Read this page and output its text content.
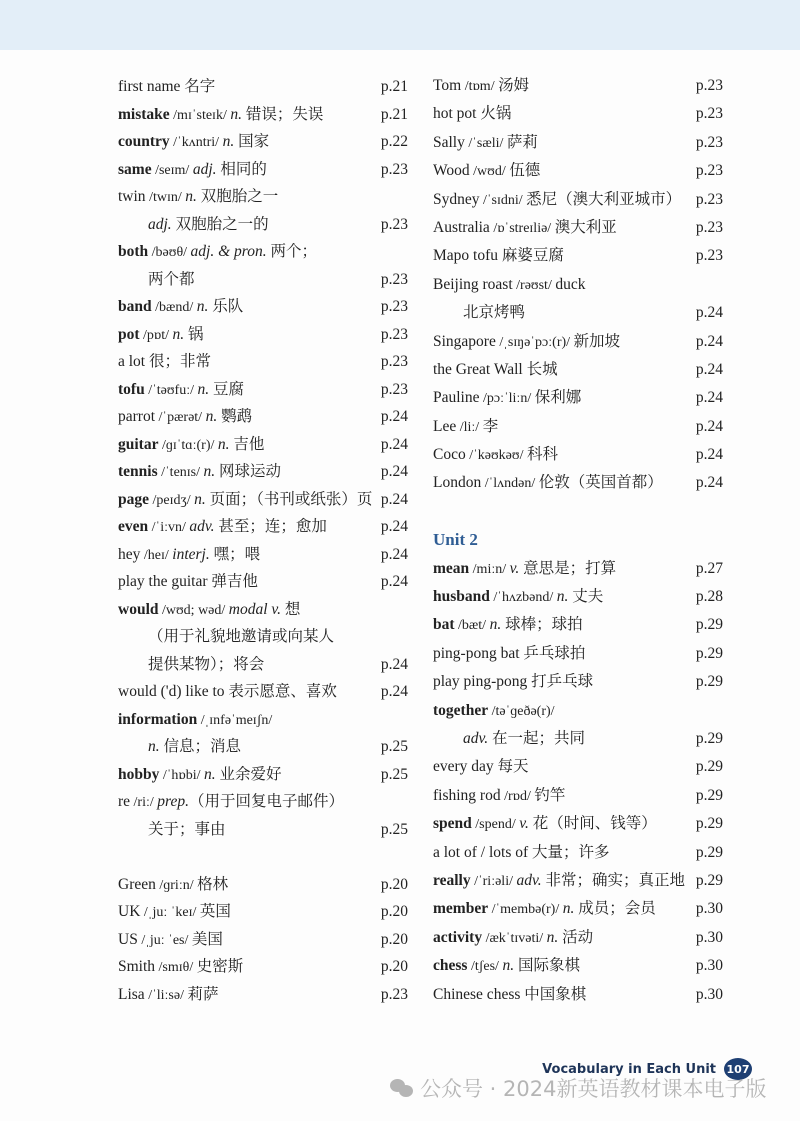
first name 名字	p.21
mistake /mɪˈsteɪk/ n. 错误；失误	p.21
country /ˈkʌntri/ n. 国家	p.22
same /seɪm/ adj. 相同的	p.23
twin /twɪn/ n. 双胞胎之一
adj. 双胞胎之一的	p.23
both /bəʊθ/ adj. & pron. 两个；
两个都	p.23
band /bænd/ n. 乐队	p.23
pot /pɒt/ n. 锅	p.23
a lot 很；非常	p.23
tofu /ˈtəʊfuː/ n. 豆腐	p.23
parrot /ˈpærət/ n. 鹦鹉	p.24
guitar /ɡɪˈtɑː(r)/ n. 吉他	p.24
tennis /ˈtenɪs/ n. 网球运动	p.24
page /peɪdʒ/ n. 页面；（书刊或纸张）页 p.24
even /ˈiːvn/ adv. 甚至；连；愈加	p.24
hey /heɪ/ interj. 嘿；喂	p.24
play the guitar 弹吉他	p.24
would /wʊd; wəd/ modal v. 想
（用于礼貌地邀请或向某人
提供某物）；将会	p.24
would ('d) like to 表示愿意、喜欢	p.24
information /ˌɪnfəˈmeɪʃn/
n. 信息；消息	p.25
hobby /ˈhɒbi/ n. 业余爱好	p.25
re /riː/ prep.（用于回复电子邮件）
关于；事由	p.25
Green /ɡriːn/ 格林	p.20
UK /ˌjuː ˈkeɪ/ 英国	p.20
US /ˌjuː ˈes/ 美国	p.20
Smith /smɪθ/ 史密斯	p.20
Lisa /ˈliːsə/ 莉萨	p.23
Tom /tɒm/ 汤姆	p.23
hot pot 火锅	p.23
Sally /ˈsæli/ 萨莉	p.23
Wood /wʊd/ 伍德	p.23
Sydney /ˈsɪdni/ 悉尼（澳大利亚城市） p.23
Australia /ɒˈstreɪliə/ 澳大利亚	p.23
Mapo tofu 麻婆豆腐	p.23
Beijing roast /rəʊst/ duck
北京烤鸭	p.24
Singapore /ˌsɪŋəˈpɔː(r)/ 新加坡	p.24
the Great Wall 长城	p.24
Pauline /pɔːˈliːn/ 保利娜	p.24
Lee /liː/ 李	p.24
Coco /ˈkəʊkəʊ/ 科科	p.24
London /ˈlʌndən/ 伦敦（英国首都） p.24
Unit 2
mean /miːn/ v. 意思是；打算	p.27
husband /ˈhʌzbənd/ n. 丈夫	p.28
bat /bæt/ n. 球棒；球拍	p.29
ping-pong bat 乒乓球拍	p.29
play ping-pong 打乒乓球	p.29
together /təˈɡeðə(r)/
adv. 在一起；共同	p.29
every day 每天	p.29
fishing rod /rɒd/ 钓竿	p.29
spend /spend/ v. 花（时间、钱等）	p.29
a lot of / lots of 大量；许多	p.29
really /ˈriːəli/ adv. 非常；确实；真正地 p.29
member /ˈmembə(r)/ n. 成员；会员	p.30
activity /ækˈtɪvəti/ n. 活动	p.30
chess /tʃes/ n. 国际象棋	p.30
Chinese chess 中国象棋	p.30
Vocabulary in Each Unit 107
公众号 · 2024新英语教材课本电子版
